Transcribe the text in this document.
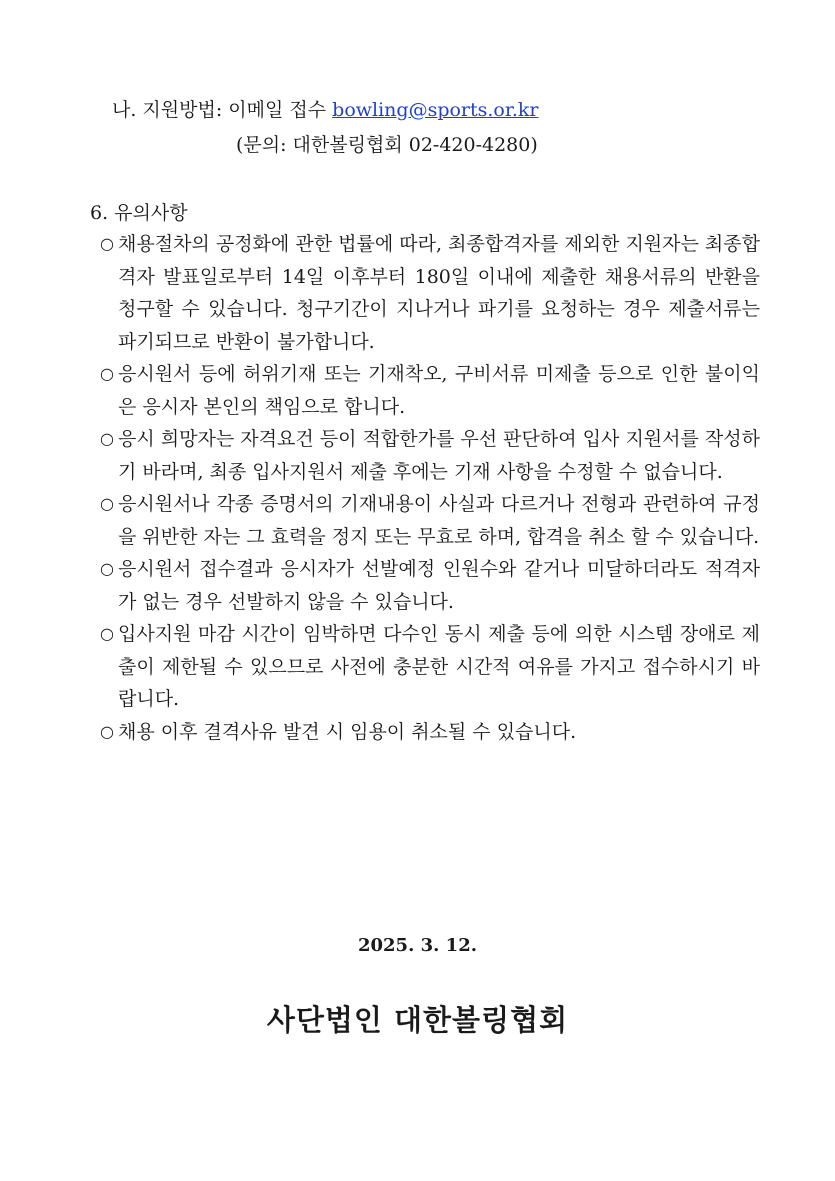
나. 지원방법: 이메일 접수 bowling@sports.or.kr
(문의: 대한볼링협회 02-420-4280)
6. 유의사항
○ 채용절차의 공정화에 관한 법률에 따라, 최종합격자를 제외한 지원자는 최종합격자 발표일로부터 14일 이후부터 180일 이내에 제출한 채용서류의 반환을 청구할 수 있습니다. 청구기간이 지나거나 파기를 요청하는 경우 제출서류는 파기되므로 반환이 불가합니다.
○ 응시원서 등에 허위기재 또는 기재착오, 구비서류 미제출 등으로 인한 불이익은 응시자 본인의 책임으로 합니다.
○ 응시 희망자는 자격요건 등이 적합한가를 우선 판단하여 입사 지원서를 작성하기 바라며, 최종 입사지원서 제출 후에는 기재 사항을 수정할 수 없습니다.
○ 응시원서나 각종 증명서의 기재내용이 사실과 다르거나 전형과 관련하여 규정을 위반한 자는 그 효력을 정지 또는 무효로 하며, 합격을 취소 할 수 있습니다.
○ 응시원서 접수결과 응시자가 선발예정 인원수와 같거나 미달하더라도 적격자가 없는 경우 선발하지 않을 수 있습니다.
○ 입사지원 마감 시간이 임박하면 다수인 동시 제출 등에 의한 시스템 장애로 제출이 제한될 수 있으므로 사전에 충분한 시간적 여유를 가지고 접수하시기 바랍니다.
○ 채용 이후 결격사유 발견 시 임용이 취소될 수 있습니다.
2025. 3. 12.
사단법인 대한볼링협회
